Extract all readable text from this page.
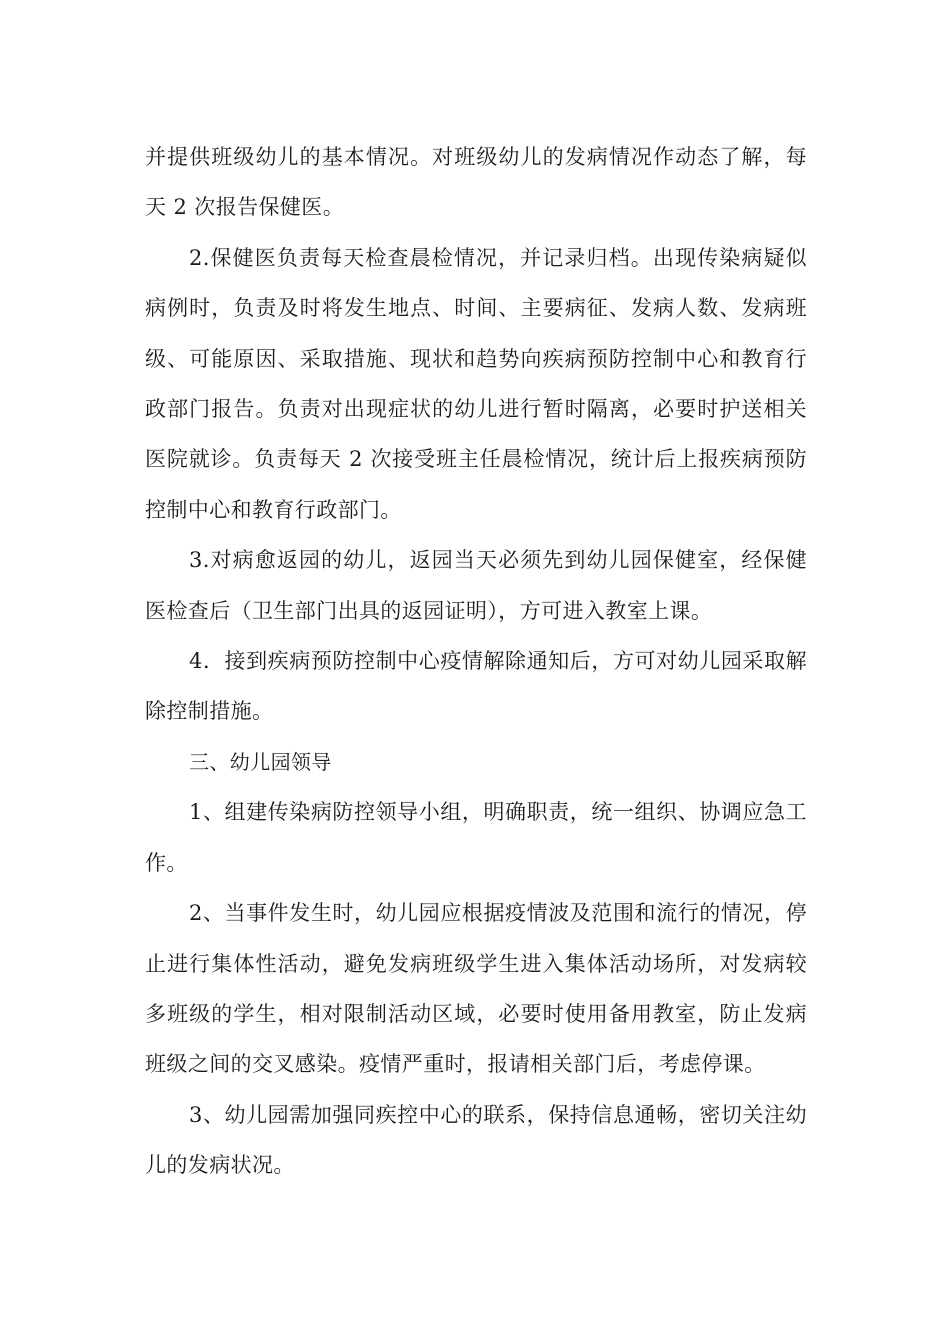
并提供班级幼儿的基本情况。对班级幼儿的发病情况作动态了解，每天 2 次报告保健医。

2.保健医负责每天检查晨检情况，并记录归档。出现传染病疑似病例时，负责及时将发生地点、时间、主要病征、发病人数、发病班级、可能原因、采取措施、现状和趋势向疾病预防控制中心和教育行政部门报告。负责对出现症状的幼儿进行暂时隔离，必要时护送相关医院就诊。负责每天 2 次接受班主任晨检情况，统计后上报疾病预防控制中心和教育行政部门。

3.对病愈返园的幼儿，返园当天必须先到幼儿园保健室，经保健医检查后（卫生部门出具的返园证明），方可进入教室上课。

4．接到疾病预防控制中心疫情解除通知后，方可对幼儿园采取解除控制措施。

三、幼儿园领导

1、组建传染病防控领导小组，明确职责，统一组织、协调应急工作。

2、当事件发生时，幼儿园应根据疫情波及范围和流行的情况，停止进行集体性活动，避免发病班级学生进入集体活动场所，对发病较多班级的学生，相对限制活动区域，必要时使用备用教室，防止发病班级之间的交叉感染。疫情严重时，报请相关部门后，考虑停课。

3、幼儿园需加强同疾控中心的联系，保持信息通畅，密切关注幼儿的发病状况。
